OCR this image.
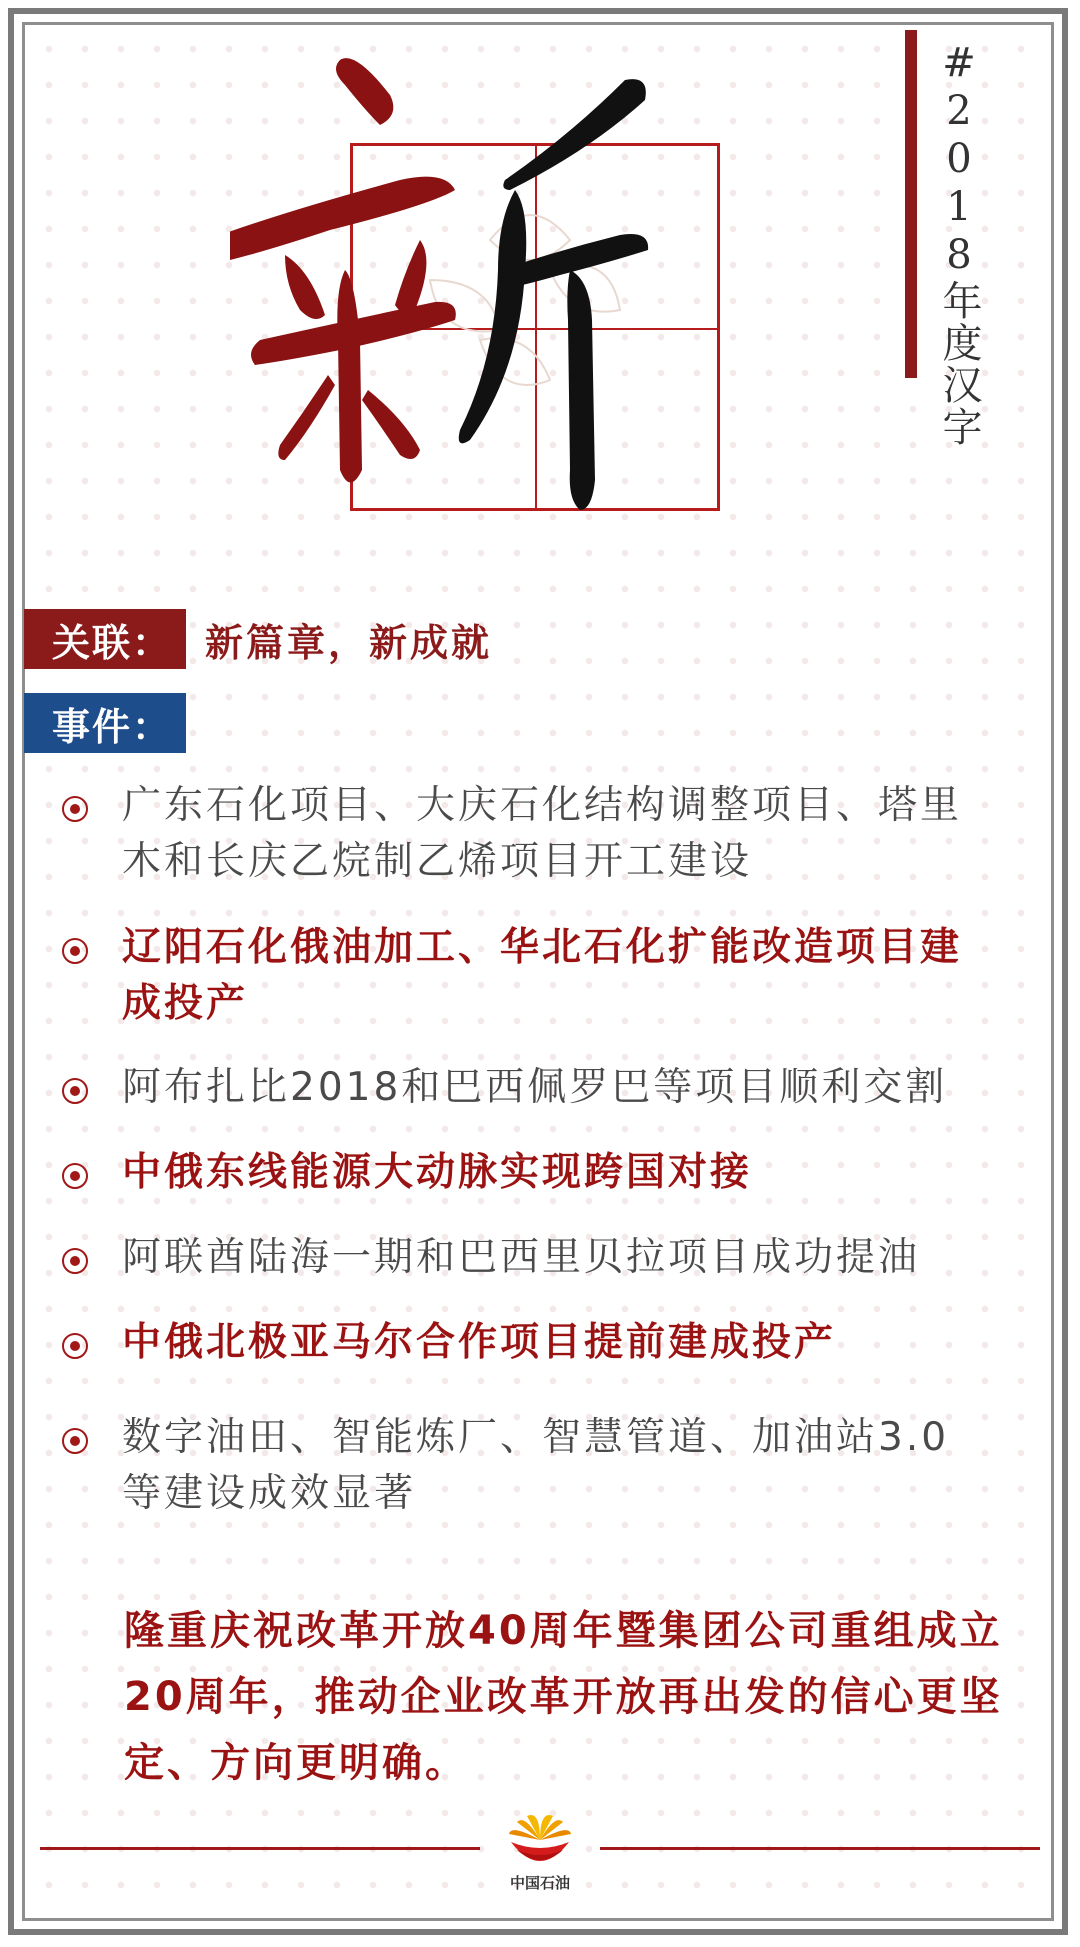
#2018年度汉字
关联： 新篇章，新成就
事件：
广东石化项目、大庆石化结构调整项目、塔里木和长庆乙烷制乙烯项目开工建设
辽阳石化俄油加工、华北石化扩能改造项目建成投产
阿布扎比2018和巴西佩罗巴等项目顺利交割
中俄东线能源大动脉实现跨国对接
阿联酋陆海一期和巴西里贝拉项目成功提油
中俄北极亚马尔合作项目提前建成投产
数字油田、智能炼厂、智慧管道、加油站3.0等建设成效显著
隆重庆祝改革开放40周年暨集团公司重组成立20周年，推动企业改革开放再出发的信心更坚定、方向更明确。
中国石油
